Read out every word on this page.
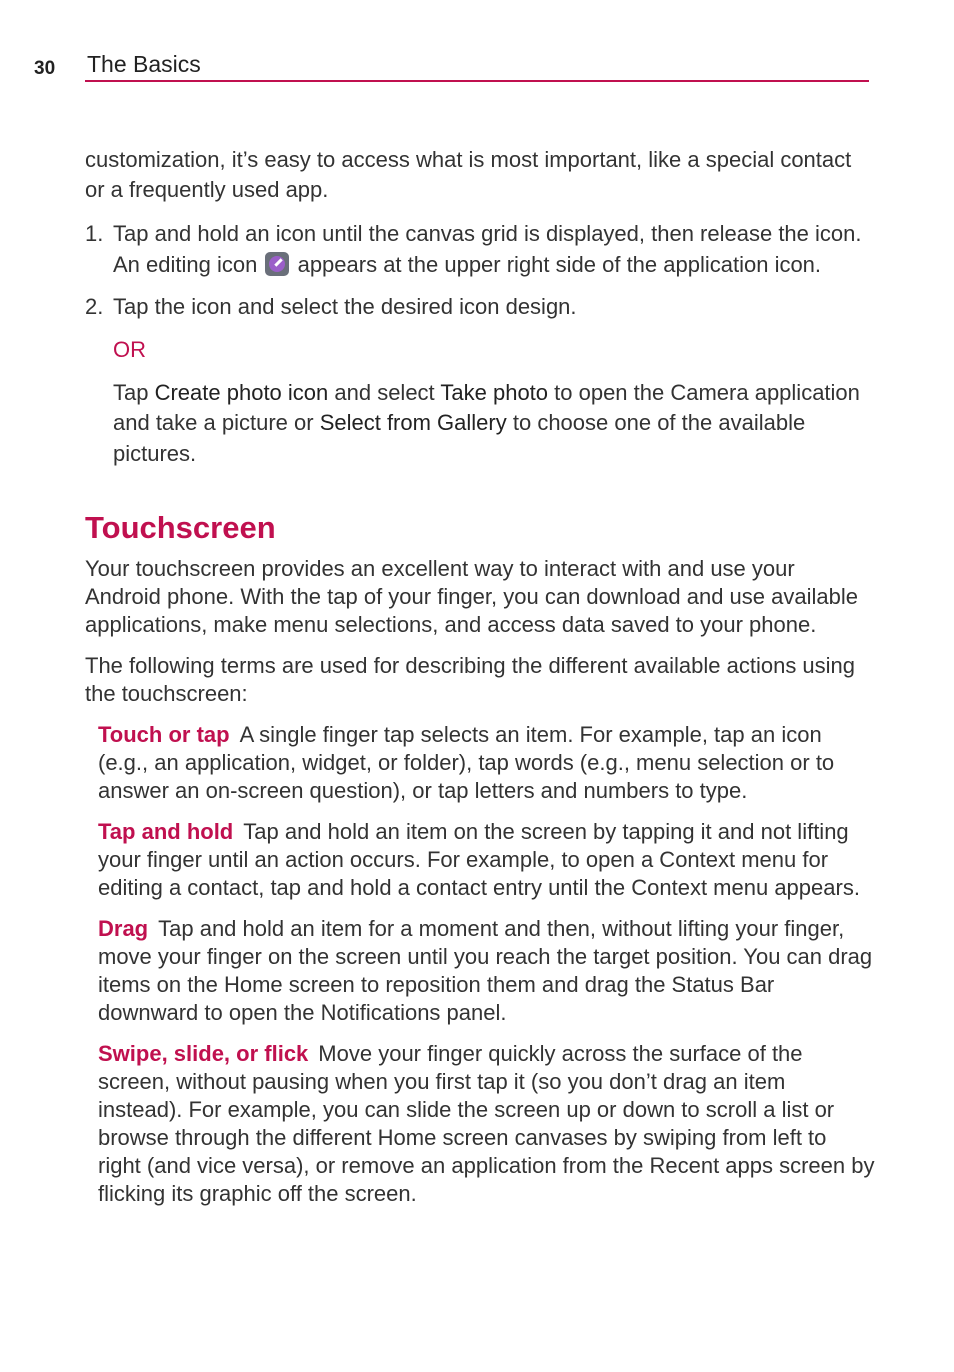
30 The Basics

customization, it’s easy to access what is most important, like a special contact or a frequently used app.

1. Tap and hold an icon until the canvas grid is displayed, then release the icon. An editing icon appears at the upper right side of the application icon.
2. Tap the icon and select the desired icon design.

OR

Tap Create photo icon and select Take photo to open the Camera application and take a picture or Select from Gallery to choose one of the available pictures.

Touchscreen

Your touchscreen provides an excellent way to interact with and use your Android phone. With the tap of your finger, you can download and use available applications, make menu selections, and access data saved to your phone.

The following terms are used for describing the different available actions using the touchscreen:

Touch or tap A single finger tap selects an item. For example, tap an icon (e.g., an application, widget, or folder), tap words (e.g., menu selection or to answer an on-screen question), or tap letters and numbers to type.

Tap and hold Tap and hold an item on the screen by tapping it and not lifting your finger until an action occurs. For example, to open a Context menu for editing a contact, tap and hold a contact entry until the Context menu appears.

Drag Tap and hold an item for a moment and then, without lifting your finger, move your finger on the screen until you reach the target position. You can drag items on the Home screen to reposition them and drag the Status Bar downward to open the Notifications panel.

Swipe, slide, or flick Move your finger quickly across the surface of the screen, without pausing when you first tap it (so you don’t drag an item instead). For example, you can slide the screen up or down to scroll a list or browse through the different Home screen canvases by swiping from left to right (and vice versa), or remove an application from the Recent apps screen by flicking its graphic off the screen.
